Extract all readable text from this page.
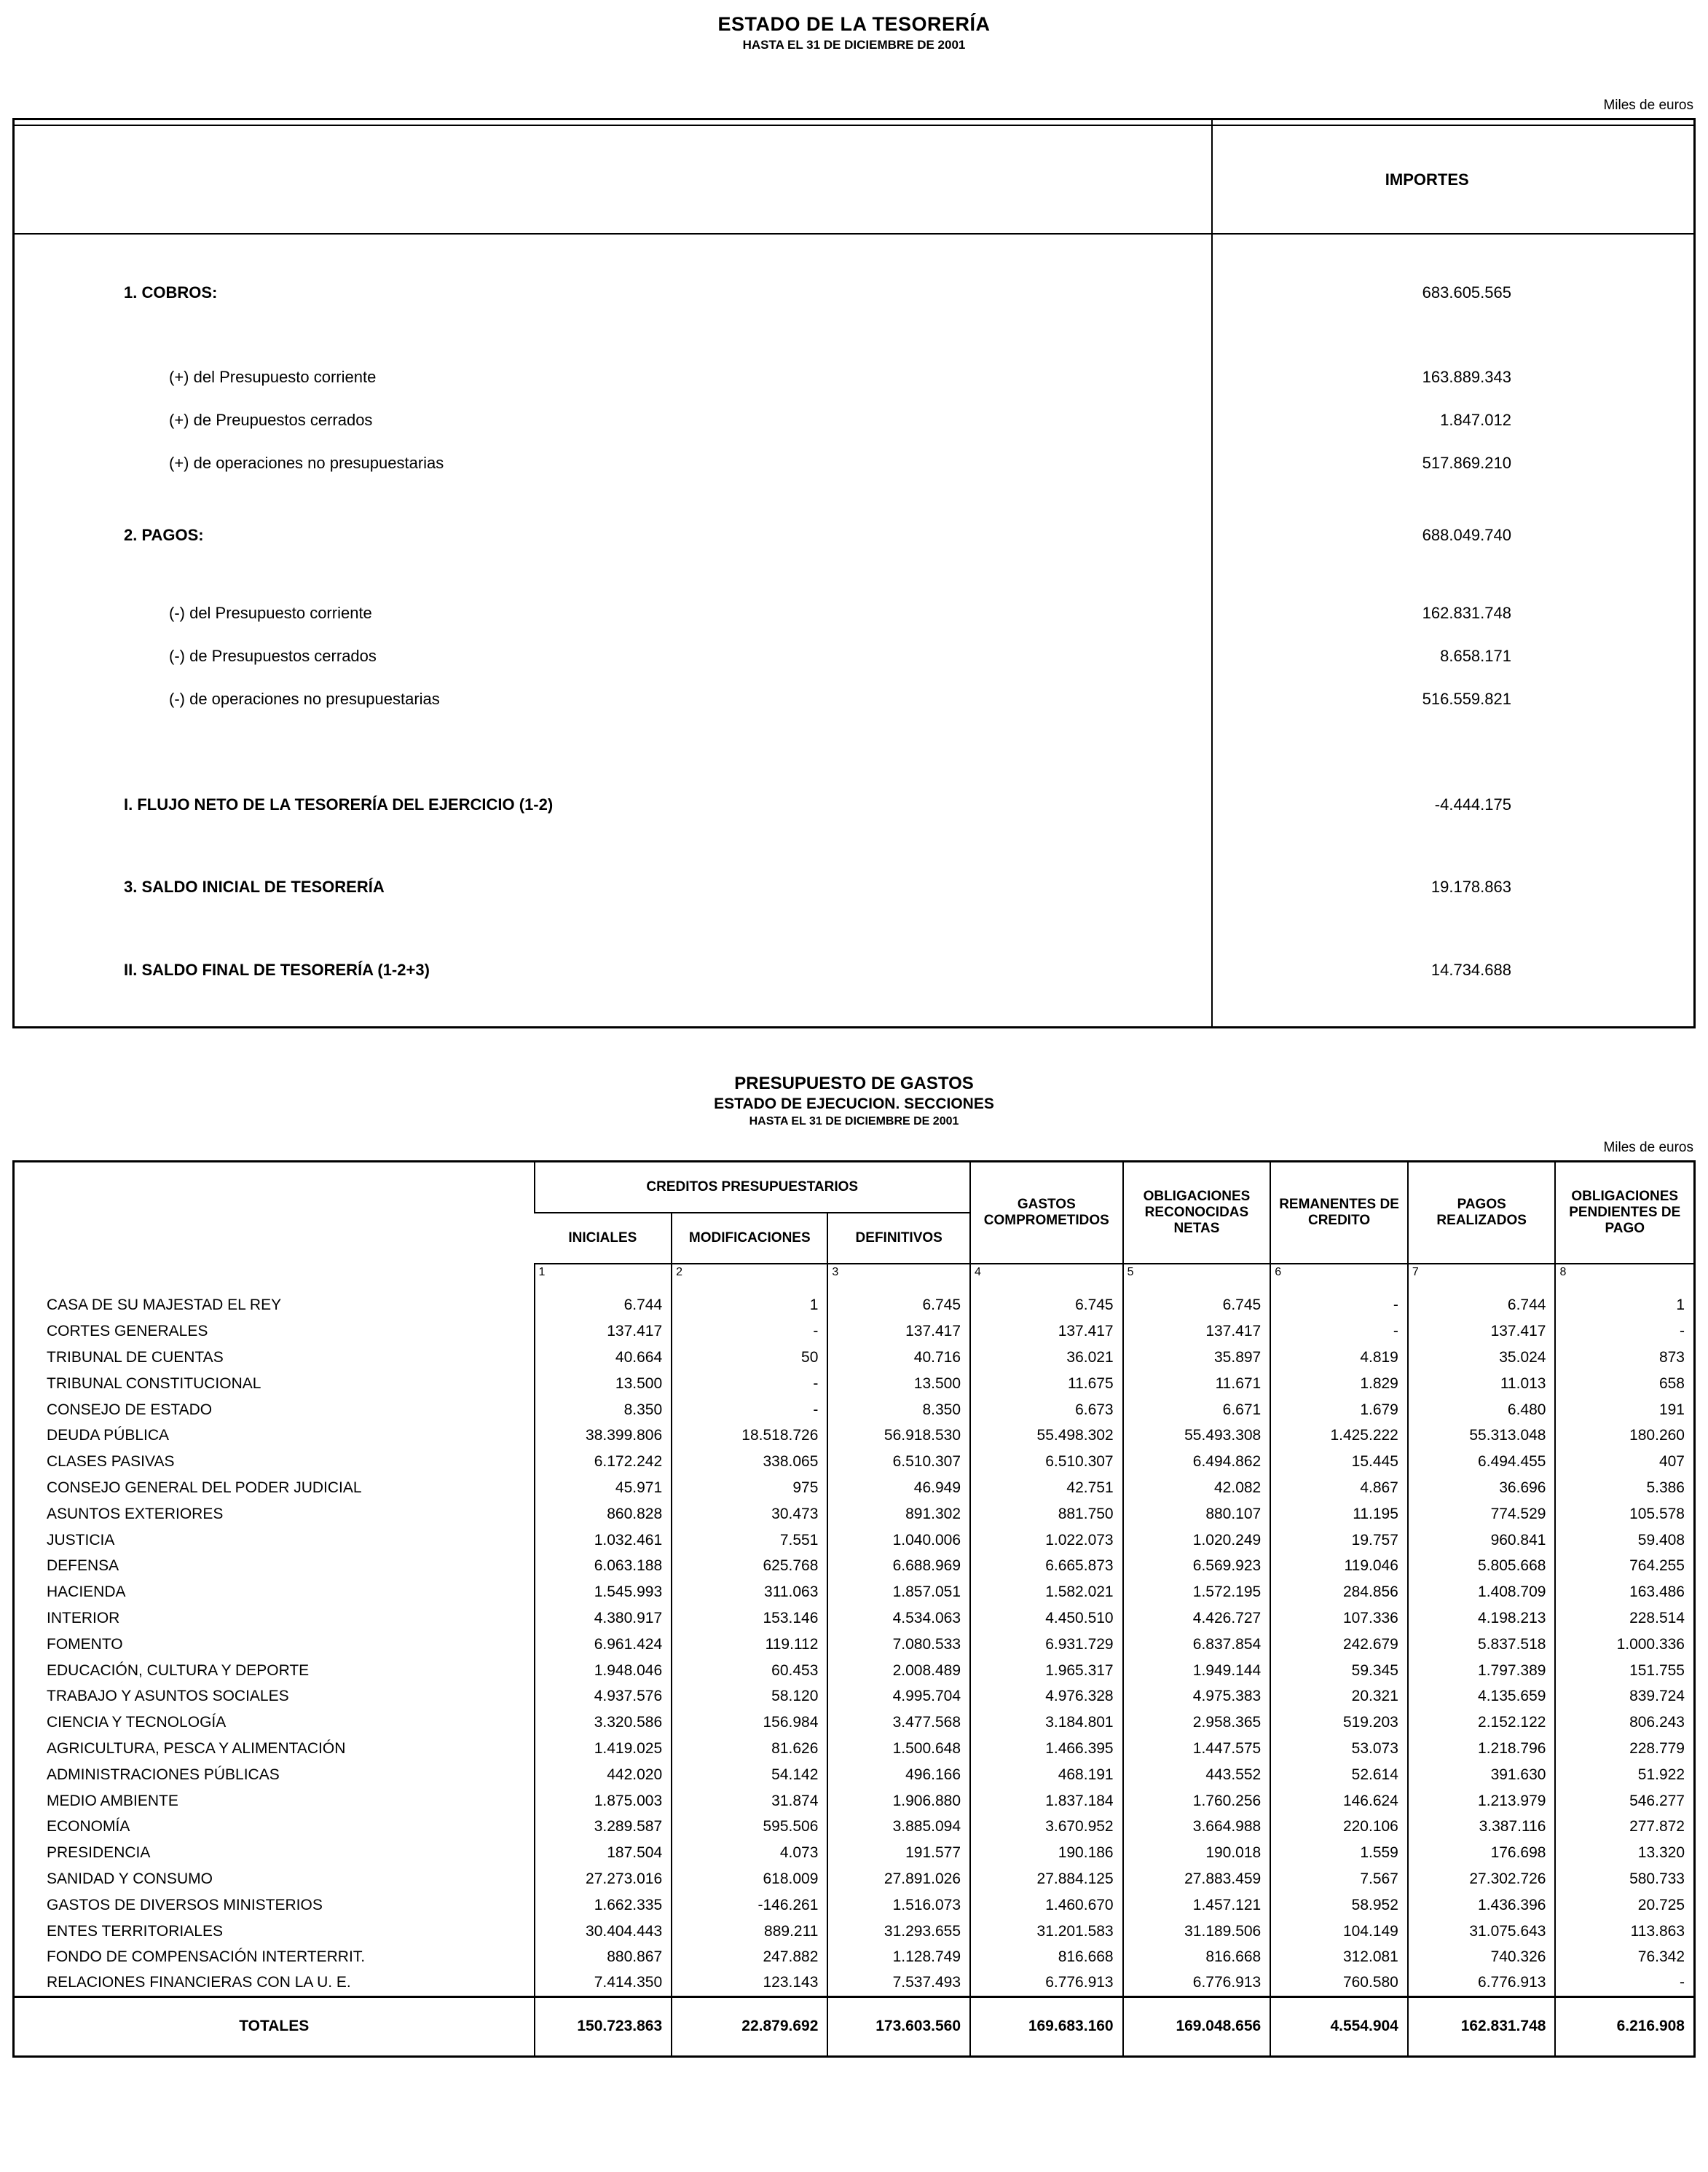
ESTADO DE LA TESORERÍA
HASTA EL 31 DE DICIEMBRE DE 2001
Miles de euros
IMPORTES
1. COBROS:	683.605.565
(+) del Presupuesto corriente	163.889.343
(+) de Preupuestos cerrados	1.847.012
(+) de operaciones no presupuestarias	517.869.210
2. PAGOS:	688.049.740
(-) del Presupuesto corriente	162.831.748
(-) de Presupuestos cerrados	8.658.171
(-) de operaciones no presupuestarias	516.559.821
I. FLUJO NETO DE LA TESORERÍA DEL EJERCICIO (1-2)	-4.444.175
3. SALDO INICIAL DE TESORERÍA	19.178.863
II. SALDO FINAL DE TESORERÍA (1-2+3)	14.734.688
PRESUPUESTO DE GASTOS
ESTADO DE EJECUCION. SECCIONES
HASTA EL 31 DE DICIEMBRE DE 2001
Miles de euros
	CREDITOS PRESUPUESTARIOS			GASTOS COMPROMETIDOS	OBLIGACIONES RECONOCIDAS NETAS	REMANENTES DE CREDITO	PAGOS REALIZADOS	OBLIGACIONES PENDIENTES DE PAGO
	INICIALES	MODIFICACIONES	DEFINITIVOS					
	1	2	3	4	5	6	7	8
CASA DE SU MAJESTAD EL REY	6.744	1	6.745	6.745	6.745	-	6.744	1
CORTES GENERALES	137.417	-	137.417	137.417	137.417	-	137.417	-
TRIBUNAL DE CUENTAS	40.664	50	40.716	36.021	35.897	4.819	35.024	873
TRIBUNAL CONSTITUCIONAL	13.500	-	13.500	11.675	11.671	1.829	11.013	658
CONSEJO DE ESTADO	8.350	-	8.350	6.673	6.671	1.679	6.480	191
DEUDA PÚBLICA	38.399.806	18.518.726	56.918.530	55.498.302	55.493.308	1.425.222	55.313.048	180.260
CLASES PASIVAS	6.172.242	338.065	6.510.307	6.510.307	6.494.862	15.445	6.494.455	407
CONSEJO GENERAL DEL PODER JUDICIAL	45.971	975	46.949	42.751	42.082	4.867	36.696	5.386
ASUNTOS EXTERIORES	860.828	30.473	891.302	881.750	880.107	11.195	774.529	105.578
JUSTICIA	1.032.461	7.551	1.040.006	1.022.073	1.020.249	19.757	960.841	59.408
DEFENSA	6.063.188	625.768	6.688.969	6.665.873	6.569.923	119.046	5.805.668	764.255
HACIENDA	1.545.993	311.063	1.857.051	1.582.021	1.572.195	284.856	1.408.709	163.486
INTERIOR	4.380.917	153.146	4.534.063	4.450.510	4.426.727	107.336	4.198.213	228.514
FOMENTO	6.961.424	119.112	7.080.533	6.931.729	6.837.854	242.679	5.837.518	1.000.336
EDUCACIÓN, CULTURA Y DEPORTE	1.948.046	60.453	2.008.489	1.965.317	1.949.144	59.345	1.797.389	151.755
TRABAJO Y ASUNTOS SOCIALES	4.937.576	58.120	4.995.704	4.976.328	4.975.383	20.321	4.135.659	839.724
CIENCIA Y TECNOLOGÍA	3.320.586	156.984	3.477.568	3.184.801	2.958.365	519.203	2.152.122	806.243
AGRICULTURA, PESCA Y ALIMENTACIÓN	1.419.025	81.626	1.500.648	1.466.395	1.447.575	53.073	1.218.796	228.779
ADMINISTRACIONES PÚBLICAS	442.020	54.142	496.166	468.191	443.552	52.614	391.630	51.922
MEDIO AMBIENTE	1.875.003	31.874	1.906.880	1.837.184	1.760.256	146.624	1.213.979	546.277
ECONOMÍA	3.289.587	595.506	3.885.094	3.670.952	3.664.988	220.106	3.387.116	277.872
PRESIDENCIA	187.504	4.073	191.577	190.186	190.018	1.559	176.698	13.320
SANIDAD Y CONSUMO	27.273.016	618.009	27.891.026	27.884.125	27.883.459	7.567	27.302.726	580.733
GASTOS DE DIVERSOS MINISTERIOS	1.662.335	-146.261	1.516.073	1.460.670	1.457.121	58.952	1.436.396	20.725
ENTES TERRITORIALES	30.404.443	889.211	31.293.655	31.201.583	31.189.506	104.149	31.075.643	113.863
FONDO DE COMPENSACIÓN INTERTERRIT.	880.867	247.882	1.128.749	816.668	816.668	312.081	740.326	76.342
RELACIONES FINANCIERAS CON LA U. E.	7.414.350	123.143	7.537.493	6.776.913	6.776.913	760.580	6.776.913	-
TOTALES	150.723.863	22.879.692	173.603.560	169.683.160	169.048.656	4.554.904	162.831.748	6.216.908
